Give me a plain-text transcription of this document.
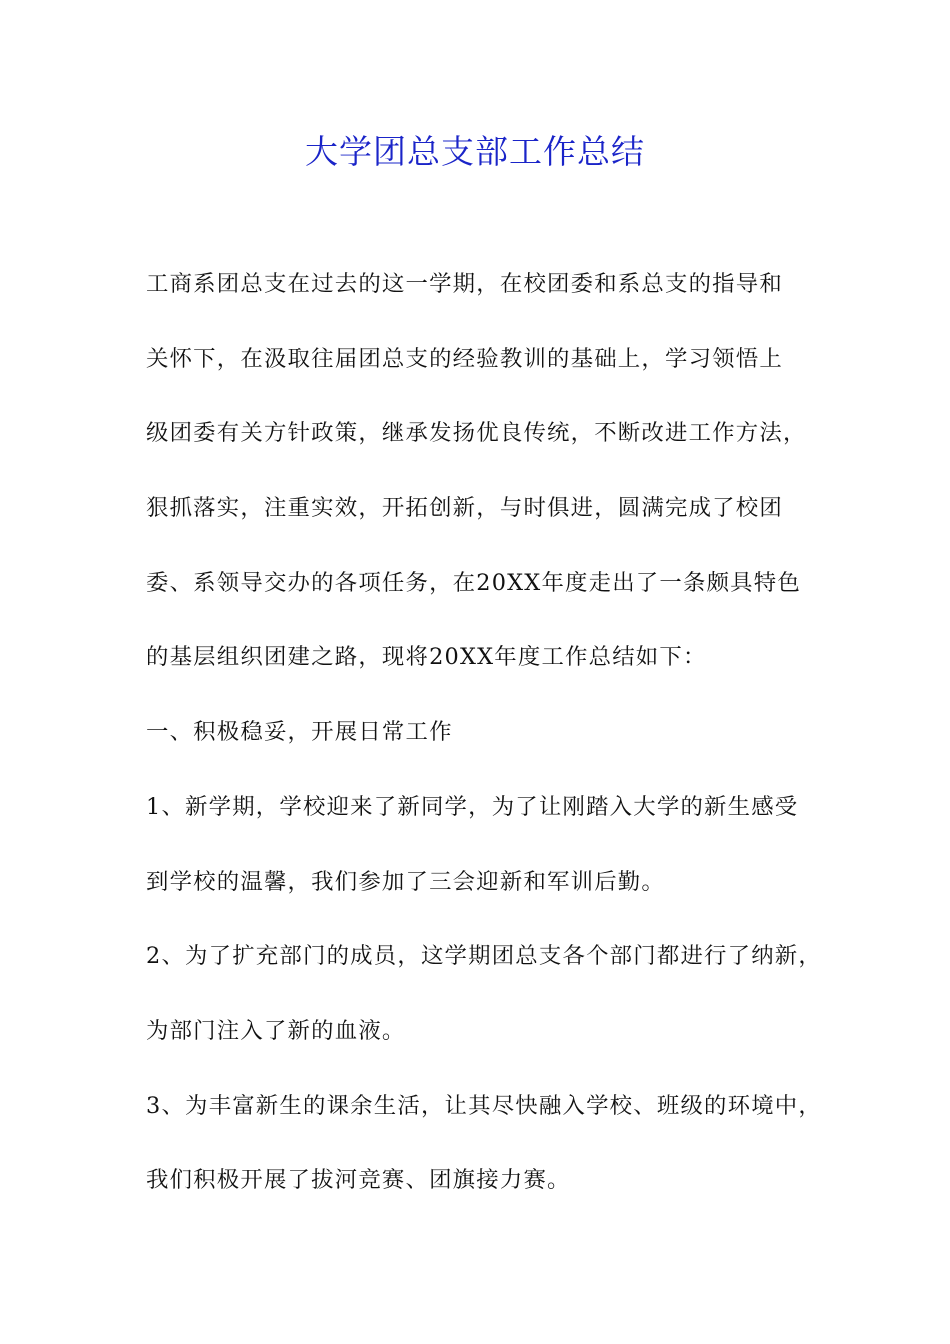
大学团总支部工作总结
工商系团总支在过去的这一学期，在校团委和系总支的指导和
关怀下，在汲取往届团总支的经验教训的基础上，学习领悟上
级团委有关方针政策，继承发扬优良传统，不断改进工作方法，
狠抓落实，注重实效，开拓创新，与时俱进，圆满完成了校团
委、系领导交办的各项任务，在20XX年度走出了一条颇具特色
的基层组织团建之路，现将20XX年度工作总结如下：
一、积极稳妥，开展日常工作
1、新学期，学校迎来了新同学，为了让刚踏入大学的新生感受
到学校的温馨，我们参加了三会迎新和军训后勤。
2、为了扩充部门的成员，这学期团总支各个部门都进行了纳新，
为部门注入了新的血液。
3、为丰富新生的课余生活，让其尽快融入学校、班级的环境中，
我们积极开展了拔河竞赛、团旗接力赛。
